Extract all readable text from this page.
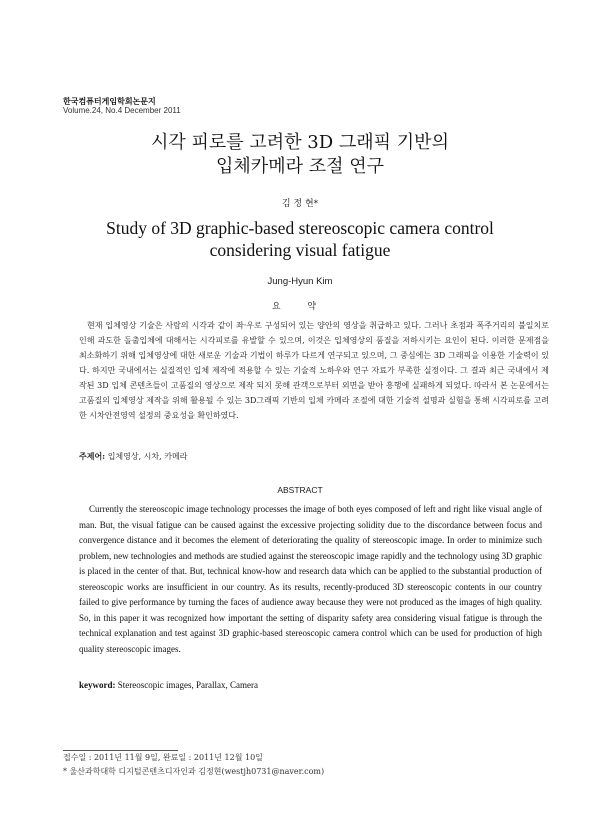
한국컴퓨터게임학회논문지
Volume.24, No.4 December 2011
시각 피로를 고려한 3D 그래픽 기반의
입체카메라 조절 연구
김 정 현*
Study of 3D graphic-based stereoscopic camera control
considering visual fatigue
Jung-Hyun Kim
요 약

현재 입체영상 기술은 사람의 시각과 같이 좌·우로 구성되어 있는 양안의 영상을 취급하고 있다. 그러나 초점과 폭주거리의 불일치로 인해 과도한 돌출입체에 대해서는 시각피로를 유발할 수 있으며, 이것은 입체영상의 품질을 저하시키는 요인이 된다. 이러한 문제점을 최소화하기 위해 입체영상에 대한 새로운 기술과 기법이 하루가 다르게 연구되고 있으며, 그 중심에는 3D 그래픽을 이용한 기술력이 있다. 하지만 국내에서는 실질적인 입체 제작에 적용할 수 있는 기술적 노하우와 연구 자료가 부족한 실정이다. 그 결과 최근 국내에서 제작된 3D 입체 콘텐츠들이 고품질의 영상으로 제작 되지 못해 관객으로부터 외면을 받아 흥행에 실패하게 되었다. 따라서 본 논문에서는 고품질의 입체영상 제작을 위해 활용될 수 있는 3D그래픽 기반의 입체 카메라 조절에 대한 기술적 설명과 실험을 통해 시각피로를 고려한 시차안전영역 설정의 중요성을 확인하였다.

주제어: 입체영상, 시차, 카메라
ABSTRACT

Currently the stereoscopic image technology processes the image of both eyes composed of left and right like visual angle of man. But, the visual fatigue can be caused against the excessive projecting solidity due to the discordance between focus and convergence distance and it becomes the element of deteriorating the quality of stereoscopic image. In order to minimize such problem, new technologies and methods are studied against the stereoscopic image rapidly and the technology using 3D graphic is placed in the center of that. But, technical know-how and research data which can be applied to the substantial production of stereoscopic works are insufficient in our country. As its results, recently-produced 3D stereoscopic contents in our country failed to give performance by turning the faces of audience away because they were not produced as the images of high quality. So, in this paper it was recognized how important the setting of disparity safety area considering visual fatigue is through the technical explanation and test against 3D graphic-based stereoscopic camera control which can be used for production of high quality stereoscopic images.

keyword: Stereoscopic images, Parallax, Camera
접수일 : 2011년 11월 9일, 완료일 : 2011년 12월 10일
* 울산과학대학 디지털콘텐츠디자인과 김정현(westjh0731@naver.com)
